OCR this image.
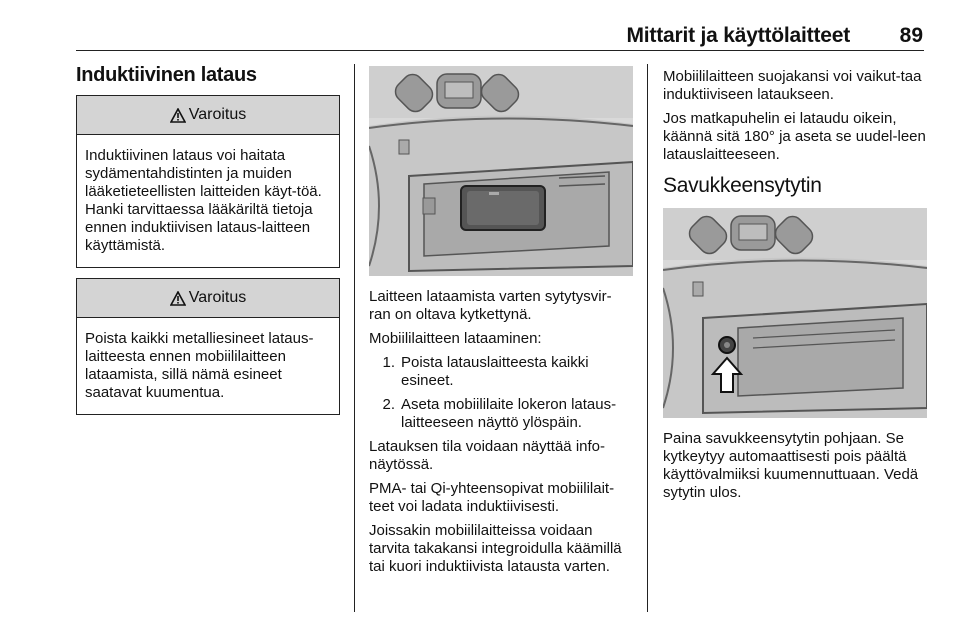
Mittarit ja käyttölaitteet 89
Induktiivinen lataus
Varoitus
Induktiivinen lataus voi haitata sydämentahdistinten ja muiden lääketieteellisten laitteiden käyt-töä. Hanki tarvittaessa lääkäriltä tietoja ennen induktiivisen lataus-laitteen käyttämistä.
Varoitus
Poista kaikki metalliesineet lataus-laitteesta ennen mobiililaitteen lataamista, sillä nämä esineet saatavat kuumentua.

Laitteen lataamista varten sytytysvir-ran on oltava kytkettynä.

Mobiililaitteen lataaminen:

1. Poista latauslaitteesta kaikki esineet.
2. Aseta mobiililaite lokeron lataus-laitteeseen näyttö ylöspäin.

Latauksen tila voidaan näyttää info-näytössä.

PMA- tai Qi-yhteensopivat mobiililait-teet voi ladata induktiivisesti.

Joissakin mobiililaitteissa voidaan tarvita takakansi integroidulla käämillä tai kuori induktiivista latausta varten.

Mobiililaitteen suojakansi voi vaikut-taa induktiiviseen lataukseen.

Jos matkapuhelin ei lataudu oikein, käännä sitä 180° ja aseta se uudel-leen latauslaitteeseen.

Savukkeensytytin

Paina savukkeensytytin pohjaan. Se kytkeytyy automaattisesti pois päältä käyttövalmiiksi kuumennuttuaan. Vedä sytytin ulos.
